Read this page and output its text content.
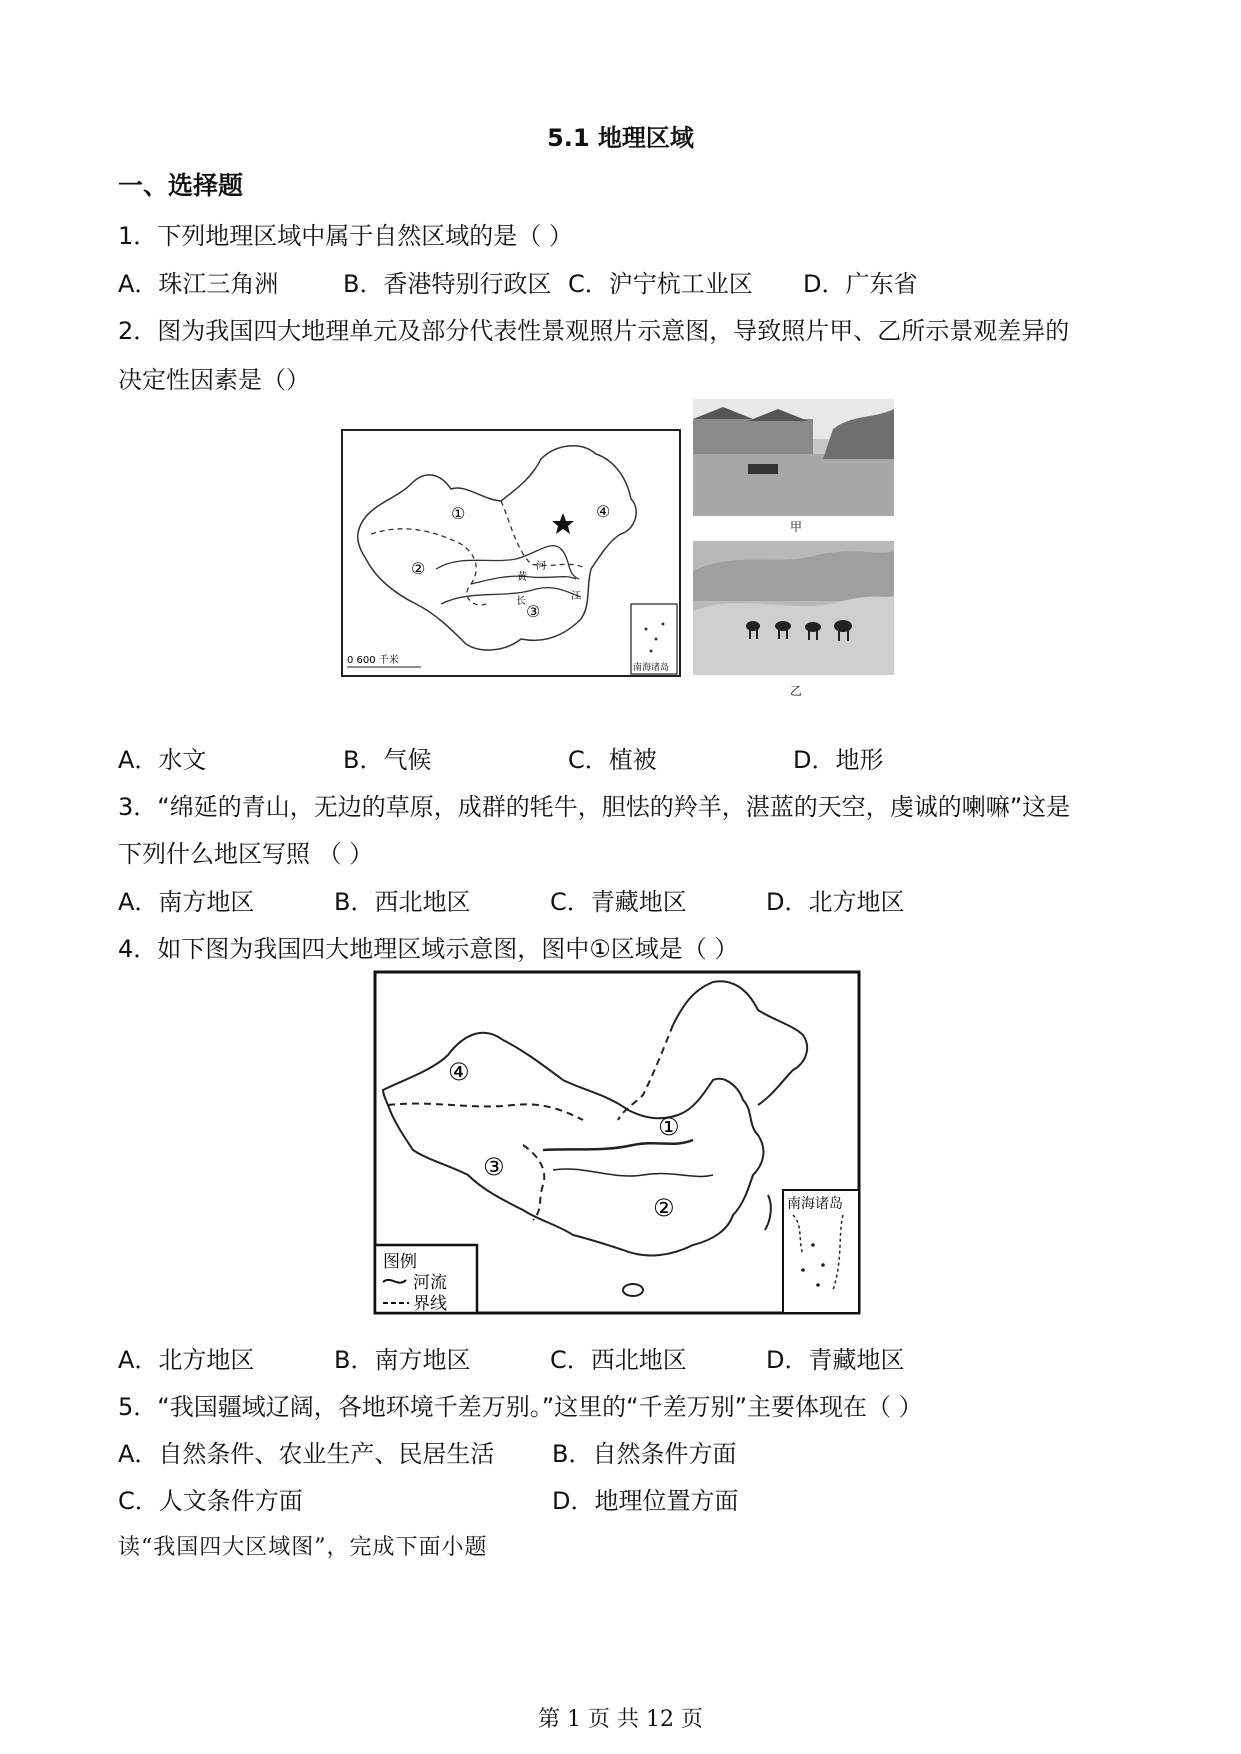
5.1 地理区域
一、选择题
1．下列地理区域中属于自然区域的是（ ）
A．珠江三角洲	B．香港特别行政区 C．沪宁杭工业区 D．广东省
2．图为我国四大地理单元及部分代表性景观照片示意图，导致照片甲、乙所示景观差异的
决定性因素是（）
①
②
③
④
黄
河
长	江
0 600 千米
南海诸岛
甲
乙
A．水文	B．气候	C．植被	D．地形
3．“绵延的青山，无边的草原，成群的牦牛，胆怯的羚羊，湛蓝的天空，虔诚的喇嘛”这是
下列什么地区写照 （ ）
A．南方地区	B．西北地区	C．青藏地区	D．北方地区
4．如下图为我国四大地理区域示意图，图中①区域是（ ）
④
①
③
②
图例
河流
界线
南海诸岛
A．北方地区	B．南方地区	C．西北地区	D．青藏地区
5．“我国疆域辽阔，各地环境千差万别。”这里的“千差万别”主要体现在（ ）
A．自然条件、农业生产、民居生活 B．自然条件方面
C．人文条件方面	D．地理位置方面
读“我国四大区域图”，完成下面小题
第 1 页 共 12 页
